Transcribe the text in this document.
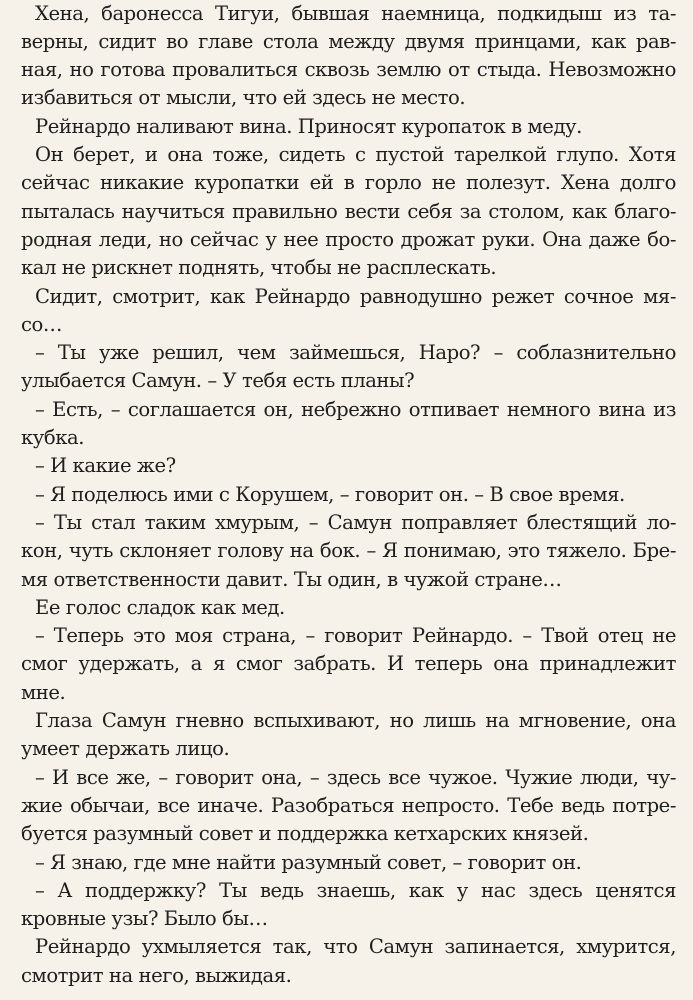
Хена, баронесса Тигуи, бывшая наемница, подкидыш из та-
верны, сидит во главе стола между двумя принцами, как рав-
ная, но готова провалиться сквозь землю от стыда. Невозможно
избавиться от мысли, что ей здесь не место.
Рейнардо наливают вина. Приносят куропаток в меду.
Он берет, и она тоже, сидеть с пустой тарелкой глупо. Хотя
сейчас никакие куропатки ей в горло не полезут. Хена долго
пыталась научиться правильно вести себя за столом, как благо-
родная леди, но сейчас у нее просто дрожат руки. Она даже бо-
кал не рискнет поднять, чтобы не расплескать.
Сидит, смотрит, как Рейнардо равнодушно режет сочное мя-
со…
– Ты уже решил, чем займешься, Наро? – соблазнительно
улыбается Самун. – У тебя есть планы?
– Есть, – соглашается он, небрежно отпивает немного вина из
кубка.
– И какие же?
– Я поделюсь ими с Корушем, – говорит он. – В свое время.
– Ты стал таким хмурым, – Самун поправляет блестящий ло-
кон, чуть склоняет голову на бок. – Я понимаю, это тяжело. Бре-
мя ответственности давит. Ты один, в чужой стране…
Ее голос сладок как мед.
– Теперь это моя страна, – говорит Рейнардо. – Твой отец не
смог удержать, а я смог забрать. И теперь она принадлежит
мне.
Глаза Самун гневно вспыхивают, но лишь на мгновение, она
умеет держать лицо.
– И все же, – говорит она, – здесь все чужое. Чужие люди, чу-
жие обычаи, все иначе. Разобраться непросто. Тебе ведь потре-
буется разумный совет и поддержка кетхарских князей.
– Я знаю, где мне найти разумный совет, – говорит он.
– А поддержку? Ты ведь знаешь, как у нас здесь ценятся
кровные узы? Было бы…
Рейнардо ухмыляется так, что Самун запинается, хмурится,
смотрит на него, выжидая.
